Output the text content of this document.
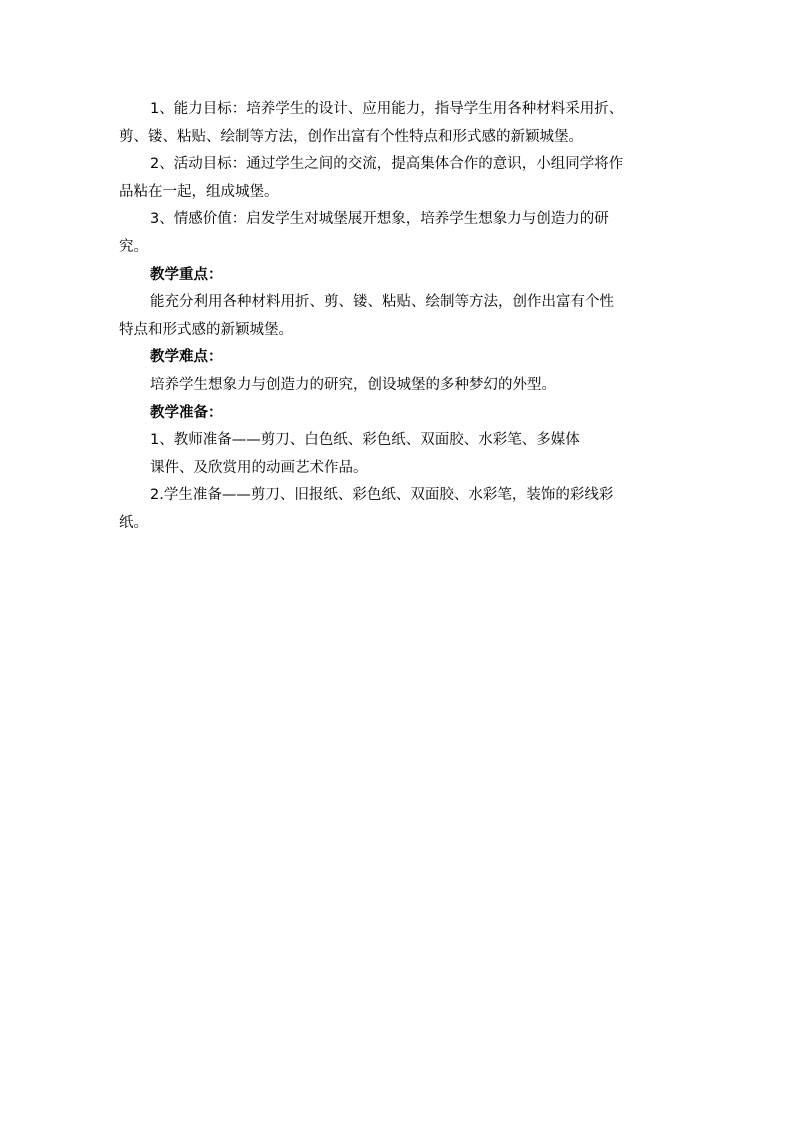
1、能力目标：培养学生的设计、应用能力，指导学生用各种材料采用折、
剪、镂、粘贴、绘制等方法，创作出富有个性特点和形式感的新颖城堡。

2、活动目标：通过学生之间的交流，提高集体合作的意识，小组同学将作
品粘在一起，组成城堡。

3、情感价值：启发学生对城堡展开想象，培养学生想象力与创造力的研
究。

教学重点：

能充分利用各种材料用折、剪、镂、粘贴、绘制等方法，创作出富有个性
特点和形式感的新颖城堡。

教学难点：

培养学生想象力与创造力的研究，创设城堡的多种梦幻的外型。

教学准备：

1、教师准备——剪刀、白色纸、彩色纸、双面胶、水彩笔、多媒体
课件、及欣赏用的动画艺术作品。

2.学生准备——剪刀、旧报纸、彩色纸、双面胶、水彩笔，装饰的彩线彩
纸。
